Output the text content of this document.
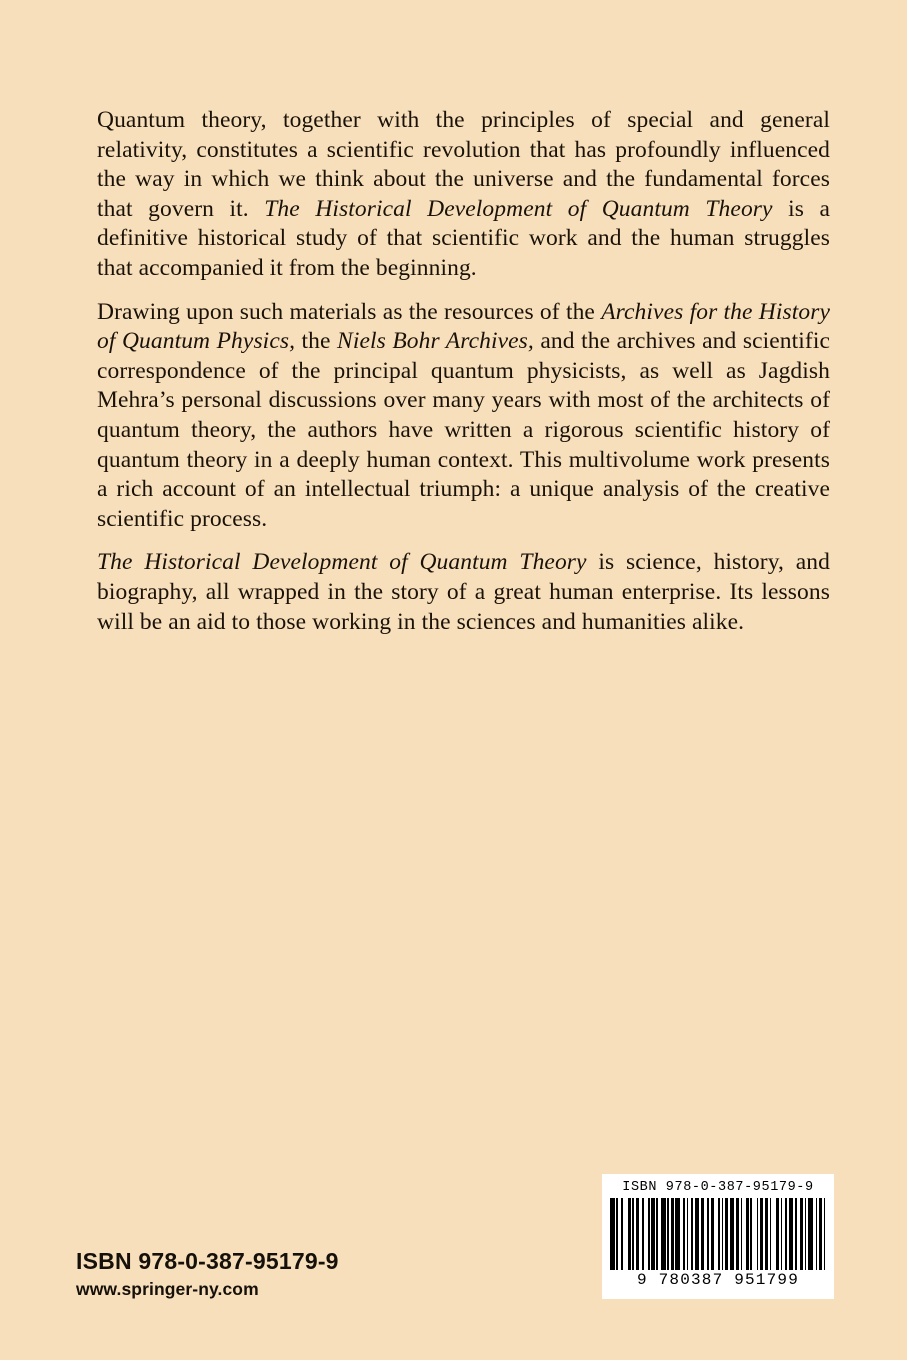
Quantum theory, together with the principles of special and general relativity, constitutes a scientific revolution that has profoundly influenced the way in which we think about the universe and the fundamental forces that govern it. The Historical Development of Quantum Theory is a definitive historical study of that scientific work and the human struggles that accompanied it from the beginning.

Drawing upon such materials as the resources of the Archives for the History of Quantum Physics, the Niels Bohr Archives, and the archives and scientific correspondence of the principal quantum physicists, as well as Jagdish Mehra’s personal discussions over many years with most of the architects of quantum theory, the authors have written a rigorous scientific history of quantum theory in a deeply human context. This multivolume work presents a rich account of an intellectual triumph: a unique analysis of the creative scientific process.

The Historical Development of Quantum Theory is science, history, and biography, all wrapped in the story of a great human enterprise. Its lessons will be an aid to those working in the sciences and humanities alike.

ISBN 978-0-387-95179-9
www.springer-ny.com
ISBN 978-0-387-95179-9
9 780387 951799
